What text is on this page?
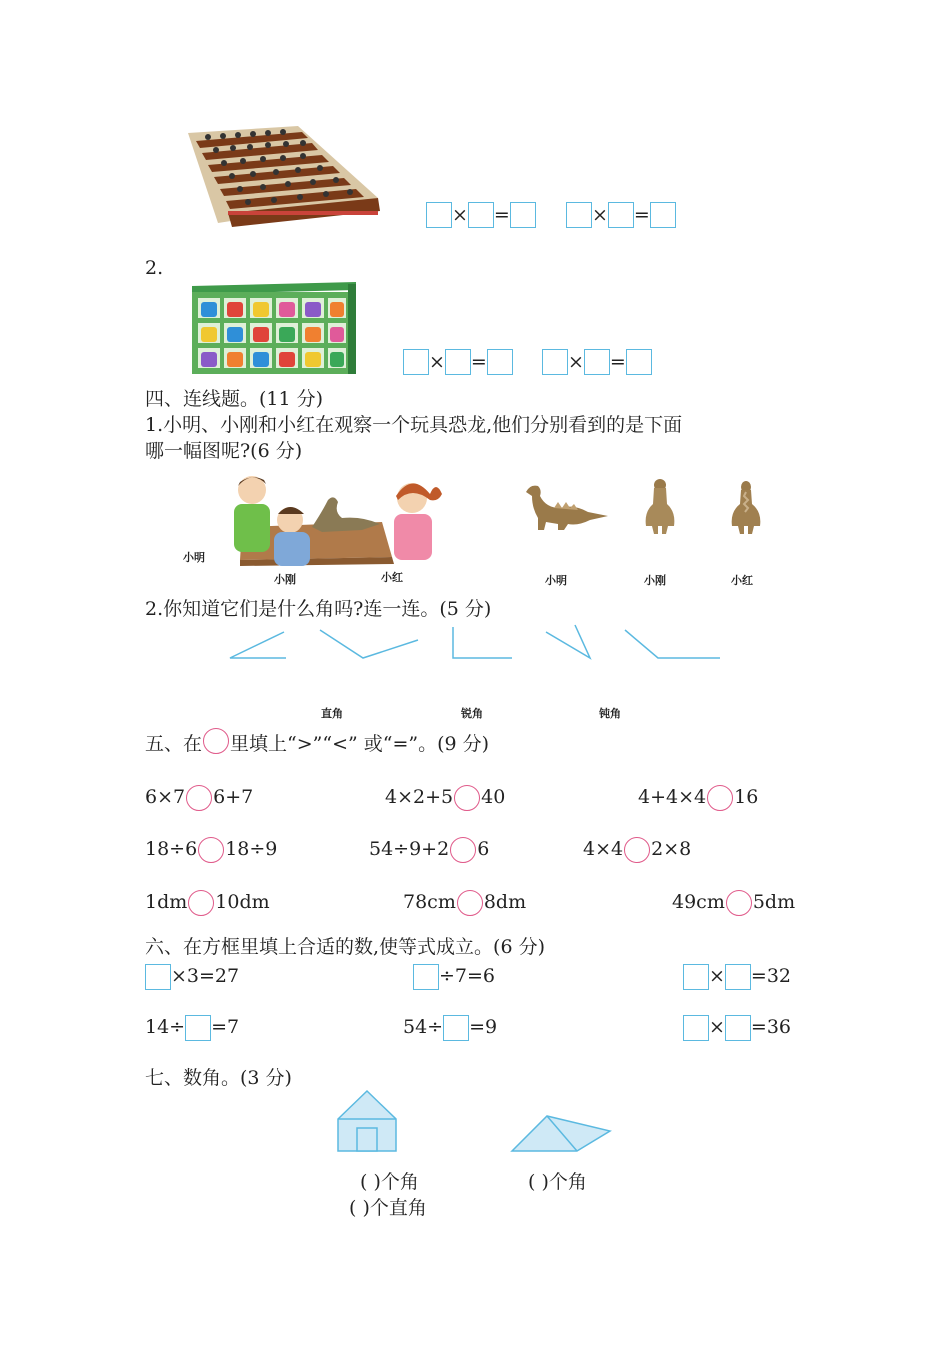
× =	× =
2.
× =	× =
四、连线题。(11 分)
1.小明、小刚和小红在观察一个玩具恐龙,他们分别看到的是下面
哪一幅图呢?(6 分)
小明
小刚	小红	小明	小刚	小红
2.你知道它们是什么角吗?连一连。(5 分)
直角	锐角	钝角
五、在 里填上“>”“<” 或“=”。(9 分)
6×7 6+7	4×2+5 40	4+4×4 16
18÷6 18÷9	54÷9+2 6	4×4 2×8
1dm 10dm	78cm 8dm	49cm 5dm
六、在方框里填上合适的数,使等式成立。(6 分)
×3=27	÷7=6	× =32
14÷ =7	54÷ =9	× =36
七、数角。(3 分)
( )个角	( )个角
( )个直角
